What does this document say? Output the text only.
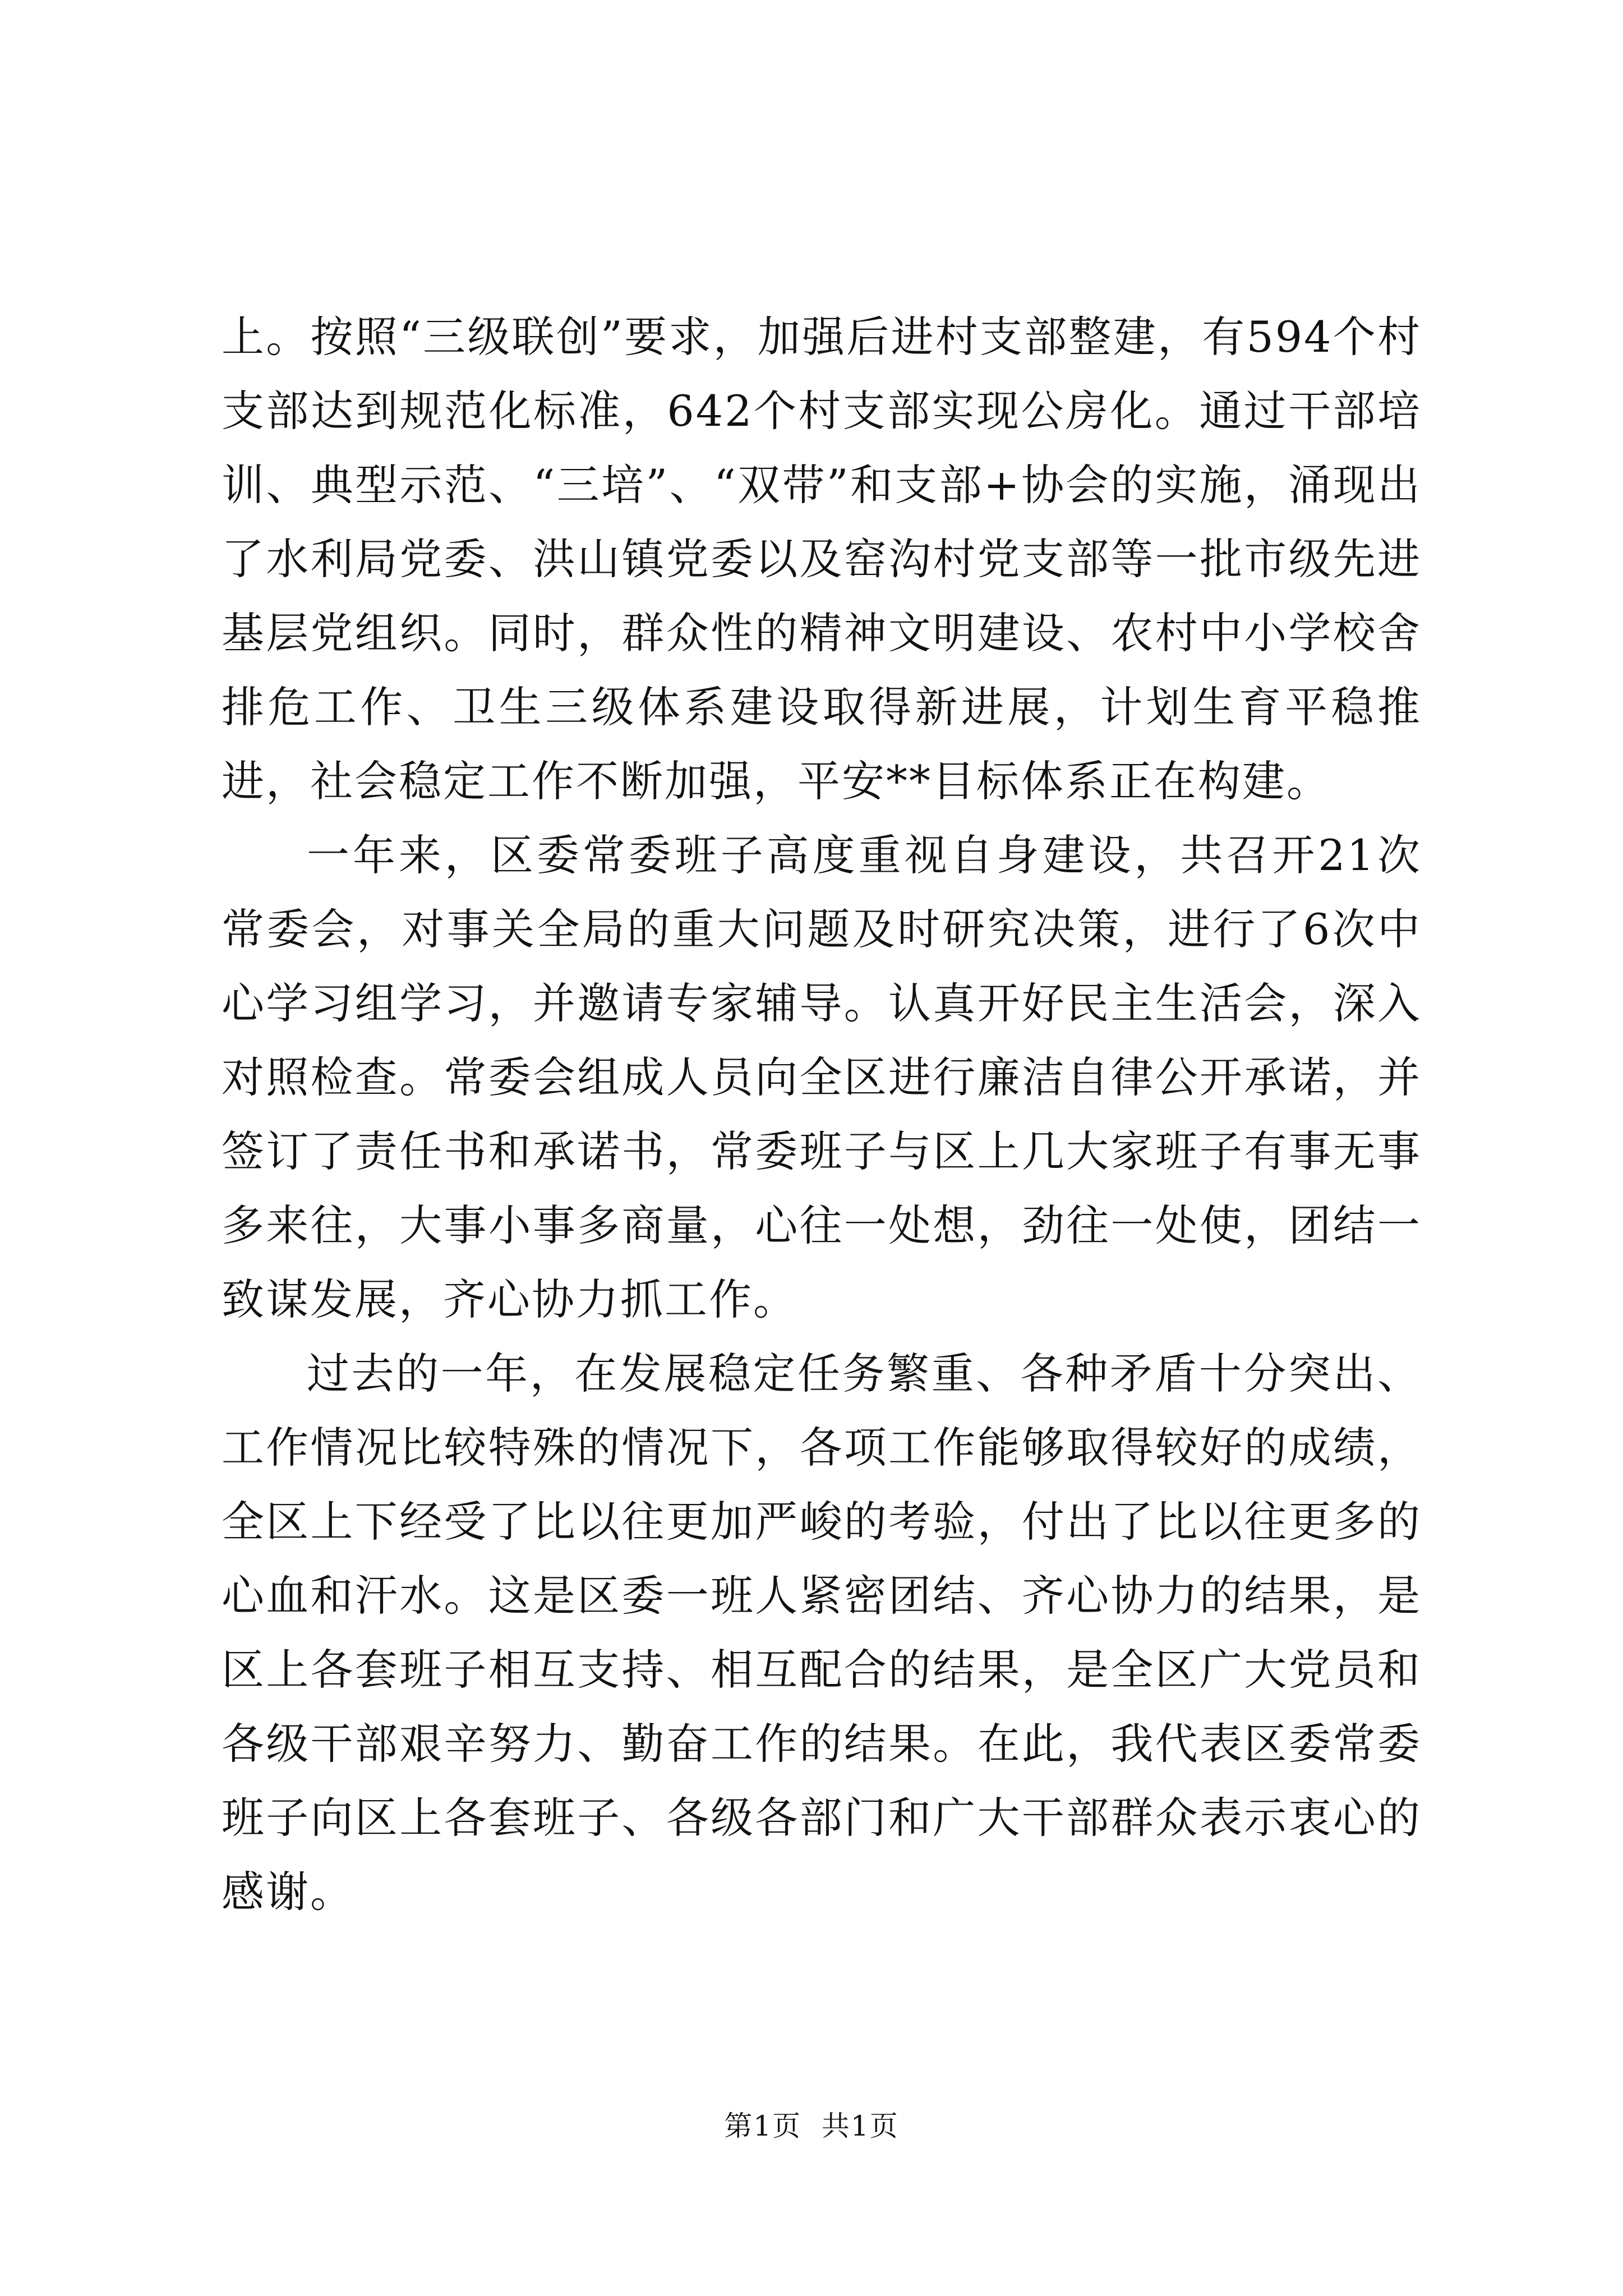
上。按照“三级联创”要求，加强后进村支部整建，有594个村支部达到规范化标准，642个村支部实现公房化。通过干部培训、典型示范、“三培”、“双带”和支部+协会的实施，涌现出了水利局党委、洪山镇党委以及窑沟村党支部等一批市级先进基层党组织。同时，群众性的精神文明建设、农村中小学校舍排危工作、卫生三级体系建设取得新进展，计划生育平稳推进，社会稳定工作不断加强，平安**目标体系正在构建。

一年来，区委常委班子高度重视自身建设，共召开21次常委会，对事关全局的重大问题及时研究决策，进行了6次中心学习组学习，并邀请专家辅导。认真开好民主生活会，深入对照检查。常委会组成人员向全区进行廉洁自律公开承诺，并签订了责任书和承诺书，常委班子与区上几大家班子有事无事多来往，大事小事多商量，心往一处想，劲往一处使，团结一致谋发展，齐心协力抓工作。

过去的一年，在发展稳定任务繁重、各种矛盾十分突出、工作情况比较特殊的情况下，各项工作能够取得较好的成绩，全区上下经受了比以往更加严峻的考验，付出了比以往更多的心血和汗水。这是区委一班人紧密团结、齐心协力的结果，是区上各套班子相互支持、相互配合的结果，是全区广大党员和各级干部艰辛努力、勤奋工作的结果。在此，我代表区委常委班子向区上各套班子、各级各部门和广大干部群众表示衷心的感谢。

第1页  共1页
